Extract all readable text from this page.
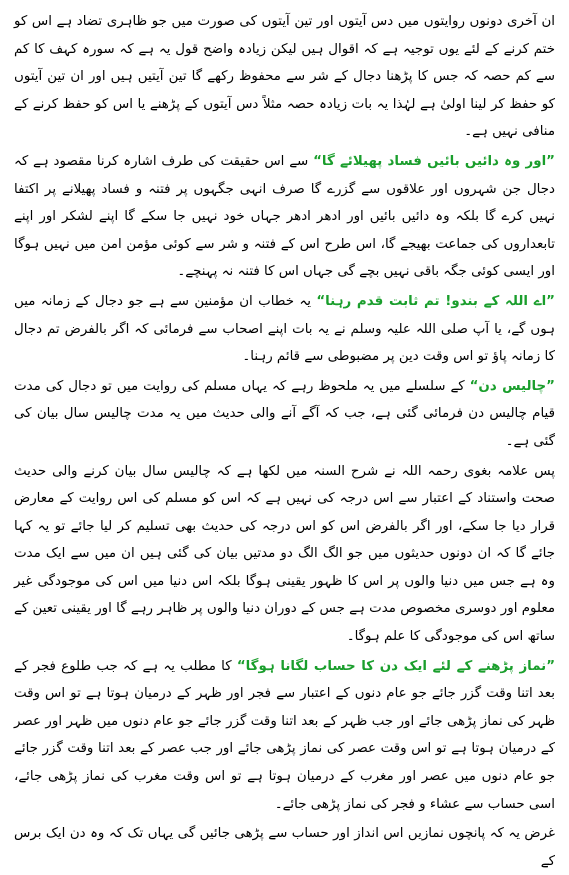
ان آخری دونوں روایتوں میں دس آیتوں اور تین آیتوں کی صورت میں جو ظاہری تضاد ہے اس کو ختم کرنے کے لئے یوں توجیہ ہے کہ اقوال ہیں لیکن زیادہ واضح قول یہ ہے کہ سورہ کہف کا کم سے کم حصہ کہ جس کا پڑھنا دجال کے شر سے محفوظ رکھے گا تین آیتیں ہیں اور ان تین آیتوں کو حفظ کر لینا اولیٰ ہے لہٰذا یہ بات زیادہ حصہ مثلاً دس آیتوں کے پڑھنے یا اس کو حفظ کرنے کے منافی نہیں ہے۔

”اور وہ دائیں بائیں فساد پھیلائے گا“ سے اس حقیقت کی طرف اشارہ کرنا مقصود ہے کہ دجال جن شہروں اور علاقوں سے گزرے گا صرف انہی جگہوں پر فتنہ و فساد پھیلانے پر اکتفا نہیں کرے گا بلکہ وہ دائیں بائیں اور ادھر ادھر جہاں خود نہیں جا سکے گا اپنے لشکر اور اپنے تابعداروں کی جماعت بھیجے گا، اس طرح اس کے فتنہ و شر سے کوئی مؤمن امن میں نہیں ہوگا اور ایسی کوئی جگہ باقی نہیں بچے گی جہاں اس کا فتنہ نہ پہنچے۔

”اے اللہ کے بندو! تم ثابت قدم رہنا“ یہ خطاب ان مؤمنین سے ہے جو دجال کے زمانہ میں ہوں گے، یا آپ صلی اللہ علیہ وسلم نے یہ بات اپنے اصحاب سے فرمائی کہ اگر بالفرض تم دجال کا زمانہ پاؤ تو اس وقت دین پر مضبوطی سے قائم رہنا۔

”چالیس دن“ کے سلسلے میں یہ ملحوظ رہے کہ یہاں مسلم کی روایت میں تو دجال کی مدت قیام چالیس دن فرمائی گئی ہے، جب کہ آگے آنے والی حدیث میں یہ مدت چالیس سال بیان کی گئی ہے۔

پس علامہ بغوی رحمہ اللہ نے شرح السنہ میں لکھا ہے کہ چالیس سال بیان کرنے والی حدیث صحت واستناد کے اعتبار سے اس درجہ کی نہیں ہے کہ اس کو مسلم کی اس روایت کے معارض قرار دیا جا سکے، اور اگر بالفرض اس کو اس درجہ کی حدیث بھی تسلیم کر لیا جائے تو یہ کہا جائے گا کہ ان دونوں حدیثوں میں جو الگ الگ دو مدتیں بیان کی گئی ہیں ان میں سے ایک مدت وہ ہے جس میں دنیا والوں پر اس کا ظہور یقینی ہوگا بلکہ اس دنیا میں اس کی موجودگی غیر معلوم اور دوسری مخصوص مدت ہے جس کے دوران دنیا والوں پر ظاہر رہے گا اور یقینی تعین کے ساتھ اس کی موجودگی کا علم ہوگا۔

”نماز پڑھنے کے لئے ایک دن کا حساب لگانا ہوگا“ کا مطلب یہ ہے کہ جب طلوع فجر کے بعد اتنا وقت گزر جائے جو عام دنوں کے اعتبار سے فجر اور ظہر کے درمیان ہوتا ہے تو اس وقت ظہر کی نماز پڑھی جائے اور جب ظہر کے بعد اتنا وقت گزر جائے جو عام دنوں میں ظہر اور عصر کے درمیان ہوتا ہے تو اس وقت عصر کی نماز پڑھی جائے اور جب عصر کے بعد اتنا وقت گزر جائے جو عام دنوں میں عصر اور مغرب کے درمیان ہوتا ہے تو اس وقت مغرب کی نماز پڑھی جائے، اسی حساب سے عشاء و فجر کی نماز پڑھی جائے۔

غرض یہ کہ پانچوں نمازیں اس انداز اور حساب سے پڑھی جائیں گی یہاں تک کہ وہ دن ایک برس کے
